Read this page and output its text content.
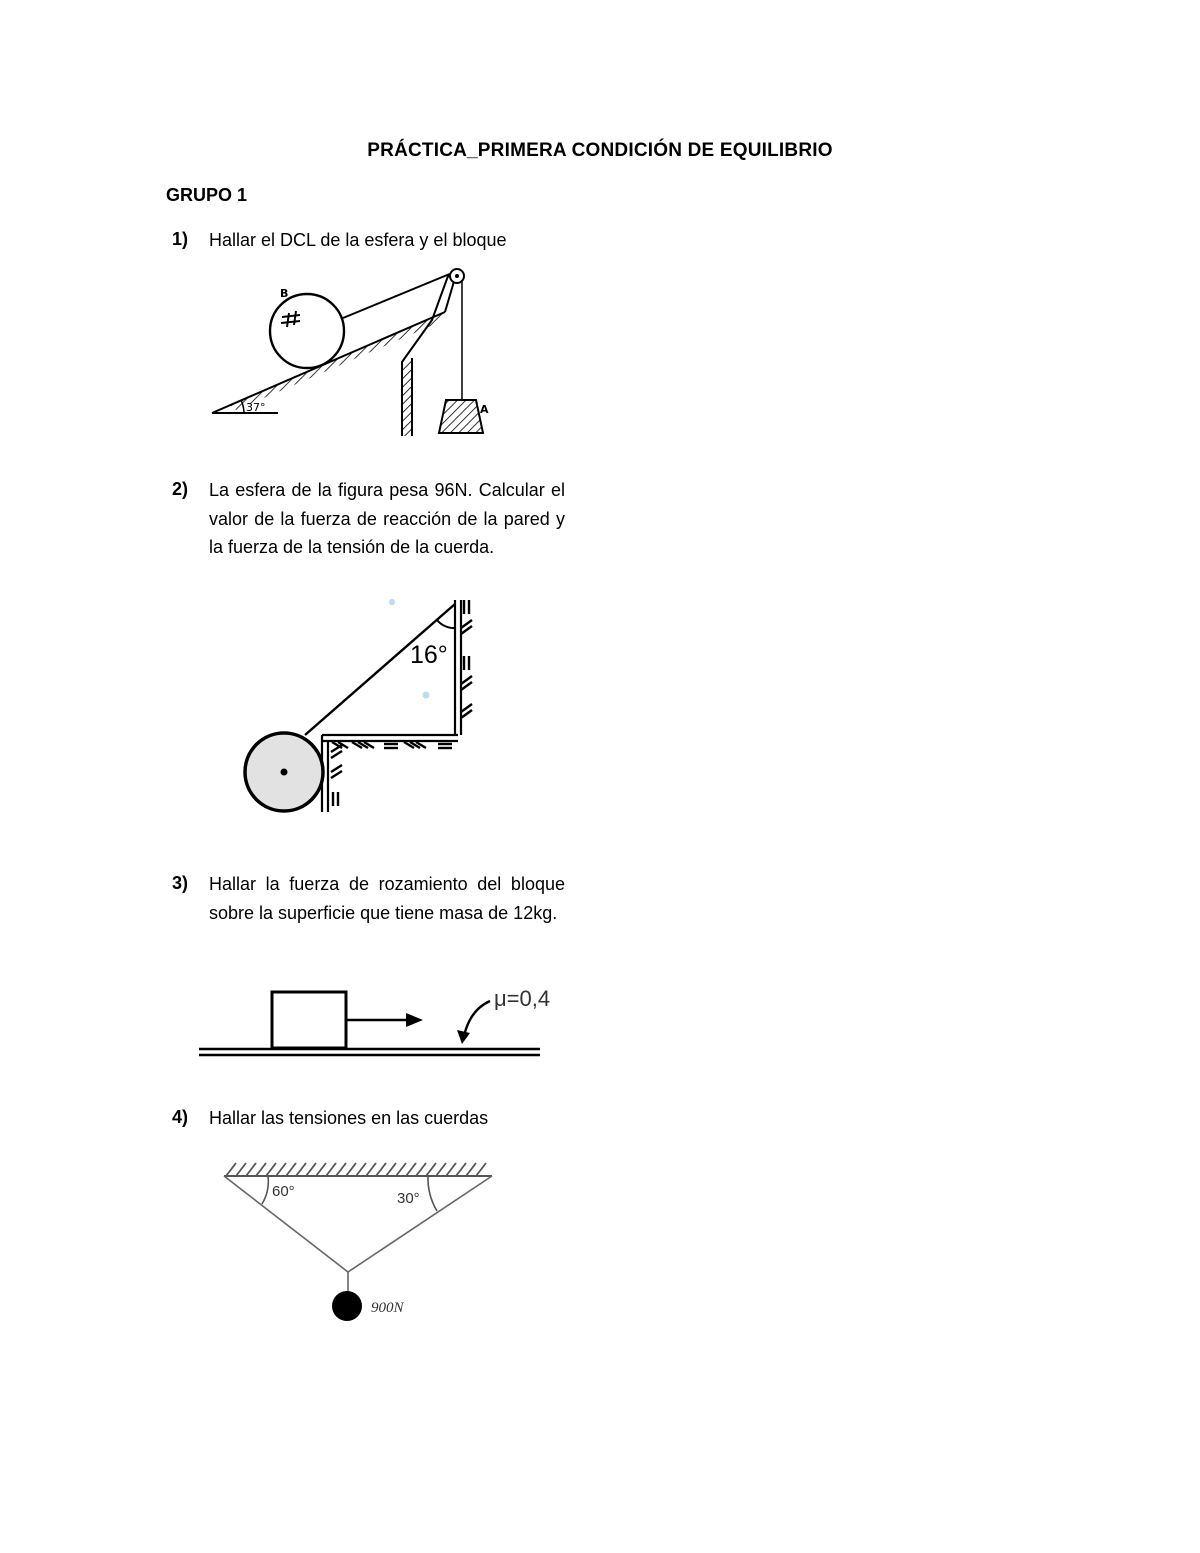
PRÁCTICA_PRIMERA CONDICIÓN DE EQUILIBRIO
GRUPO 1
1) Hallar el DCL de la esfera y el bloque
37°
B
A
2) La esfera de la figura pesa 96N. Calcular el valor de la fuerza de reacción de la pared y la fuerza de la tensión de la cuerda.
16°
3) Hallar la fuerza de rozamiento del bloque sobre la superficie que tiene masa de 12kg.
μ=0,4
4) Hallar las tensiones en las cuerdas
60°	30°
900N
